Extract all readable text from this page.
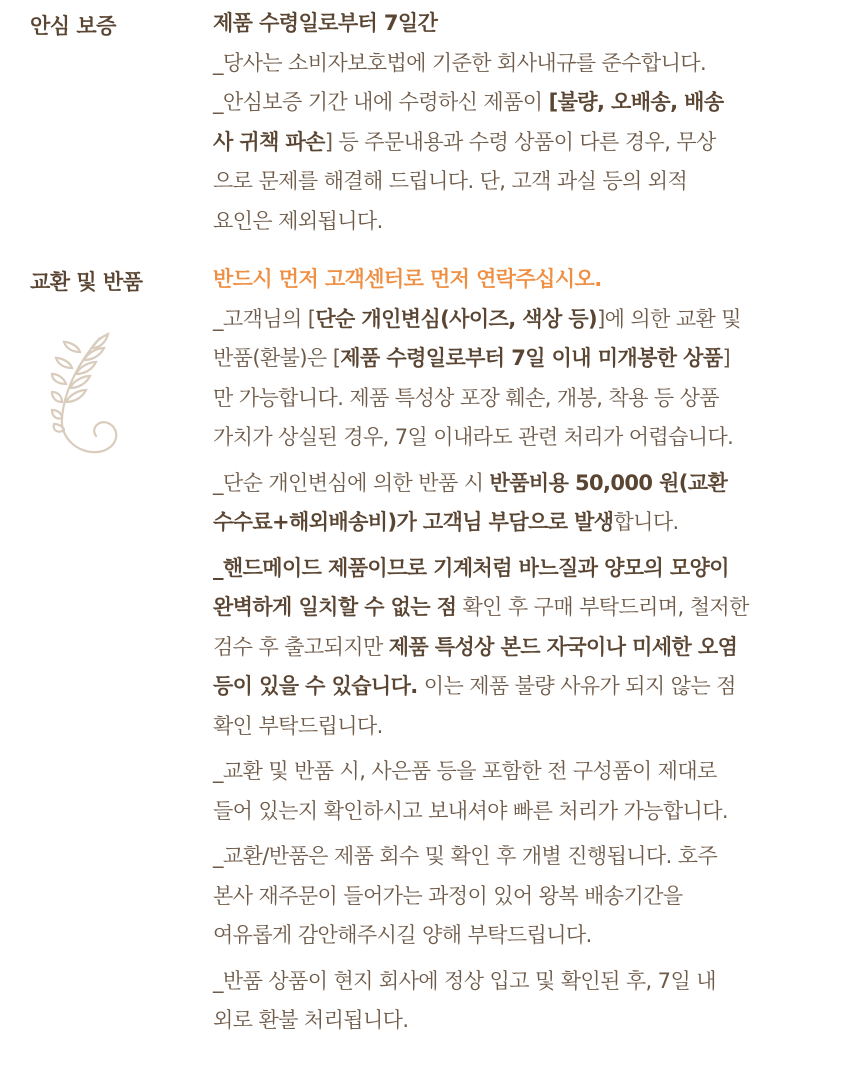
안심 보증	제품 수령일로부터 7일간
_당사는 소비자보호법에 기준한 회사내규를 준수합니다.
_안심보증 기간 내에 수령하신 제품이 [불량, 오배송, 배송
사 귀책 파손] 등 주문내용과 수령 상품이 다른 경우, 무상
으로 문제를 해결해 드립니다. 단, 고객 과실 등의 외적
요인은 제외됩니다.
교환 및 반품	반드시 먼저 고객센터로 먼저 연락주십시오.
_고객님의 [단순 개인변심(사이즈, 색상 등)]에 의한 교환 및
반품(환불)은 [제품 수령일로부터 7일 이내 미개봉한 상품]
만 가능합니다. 제품 특성상 포장 훼손, 개봉, 착용 등 상품
가치가 상실된 경우, 7일 이내라도 관련 처리가 어렵습니다.
_단순 개인변심에 의한 반품 시 반품비용 50,000 원(교환
수수료+해외배송비)가 고객님 부담으로 발생합니다.
_핸드메이드 제품이므로 기계처럼 바느질과 양모의 모양이
완벽하게 일치할 수 없는 점 확인 후 구매 부탁드리며, 철저한
검수 후 출고되지만 제품 특성상 본드 자국이나 미세한 오염
등이 있을 수 있습니다. 이는 제품 불량 사유가 되지 않는 점
확인 부탁드립니다.
_교환 및 반품 시, 사은품 등을 포함한 전 구성품이 제대로
들어 있는지 확인하시고 보내셔야 빠른 처리가 가능합니다.
_교환/반품은 제품 회수 및 확인 후 개별 진행됩니다. 호주
본사 재주문이 들어가는 과정이 있어 왕복 배송기간을
여유롭게 감안해주시길 양해 부탁드립니다.
_반품 상품이 현지 회사에 정상 입고 및 확인된 후, 7일 내
외로 환불 처리됩니다.
